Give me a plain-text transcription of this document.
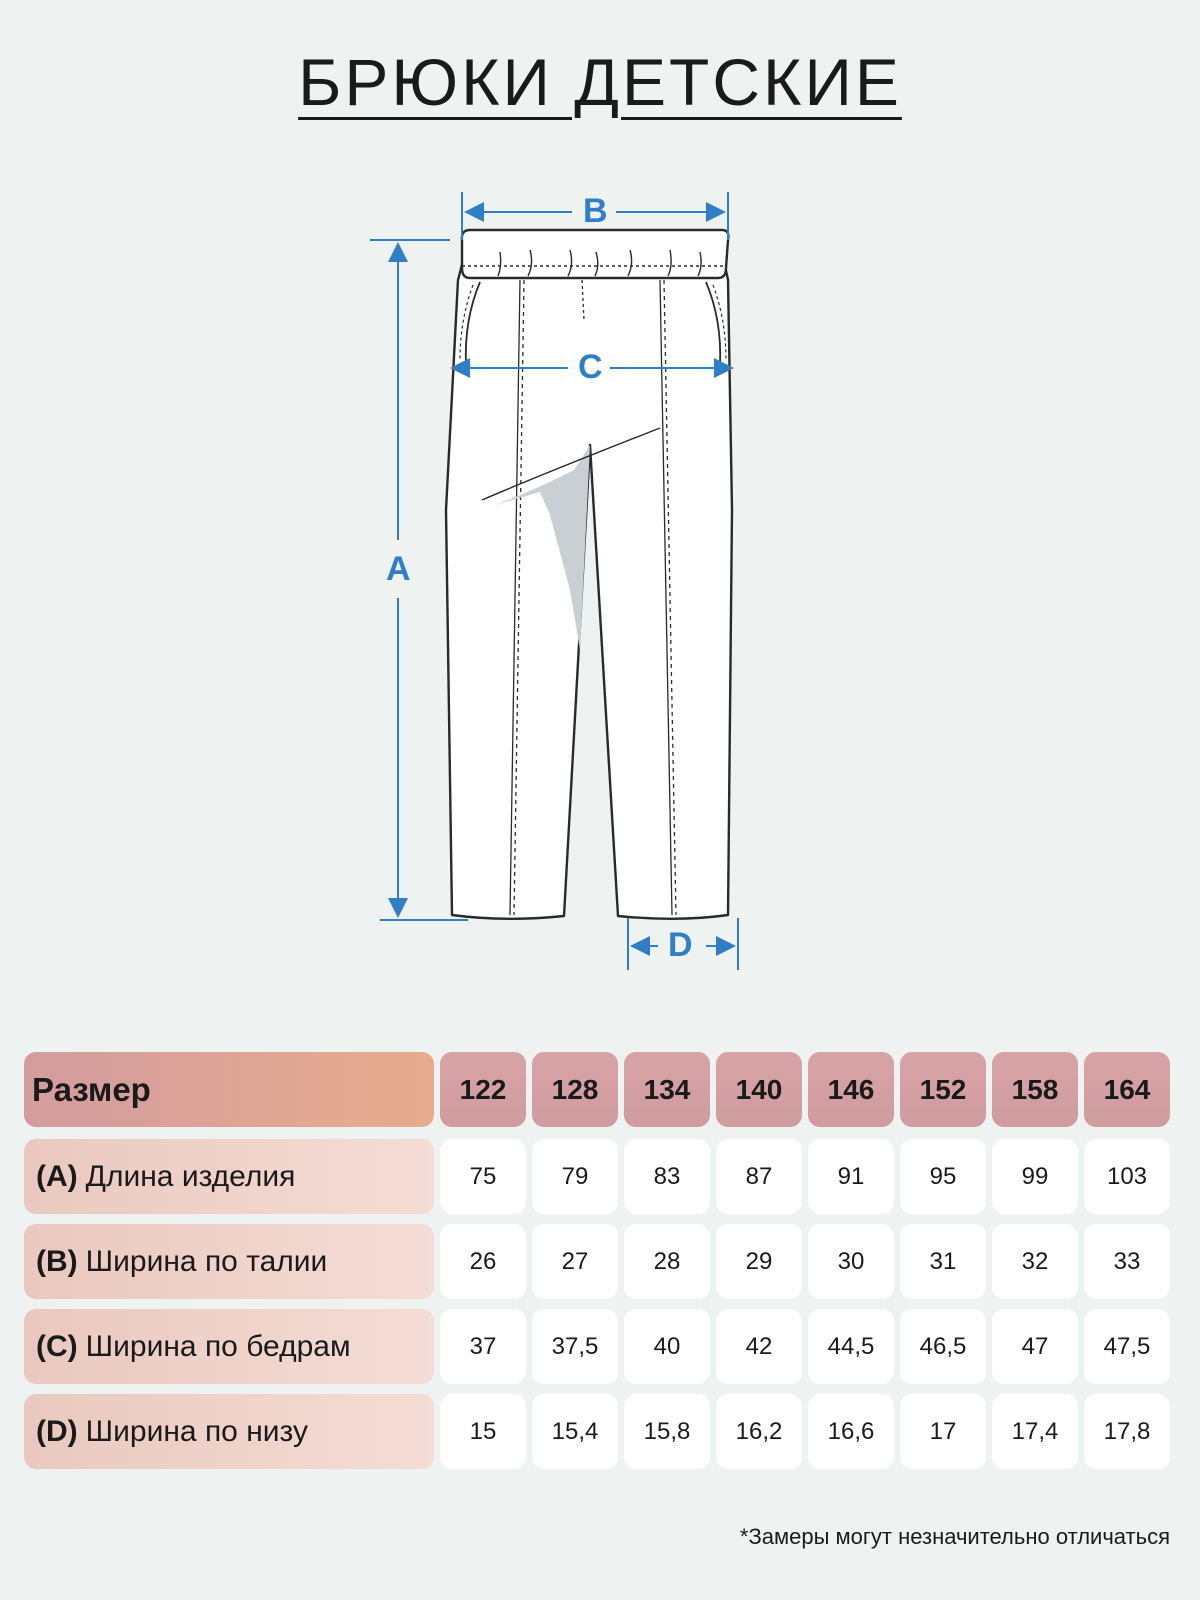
БРЮКИ ДЕТСКИЕ
A
B
C
D
Размер	122	128	134	140	146	152	158	164
(A) Длина изделия	75	79	83	87	91	95	99	103
(B) Ширина по талии	26	27	28	29	30	31	32	33
(C) Ширина по бедрам	37	37,5	40	42	44,5	46,5	47	47,5
(D) Ширина по низу	15	15,4	15,8	16,2	16,6	17	17,4	17,8
*Замеры могут незначительно отличаться
